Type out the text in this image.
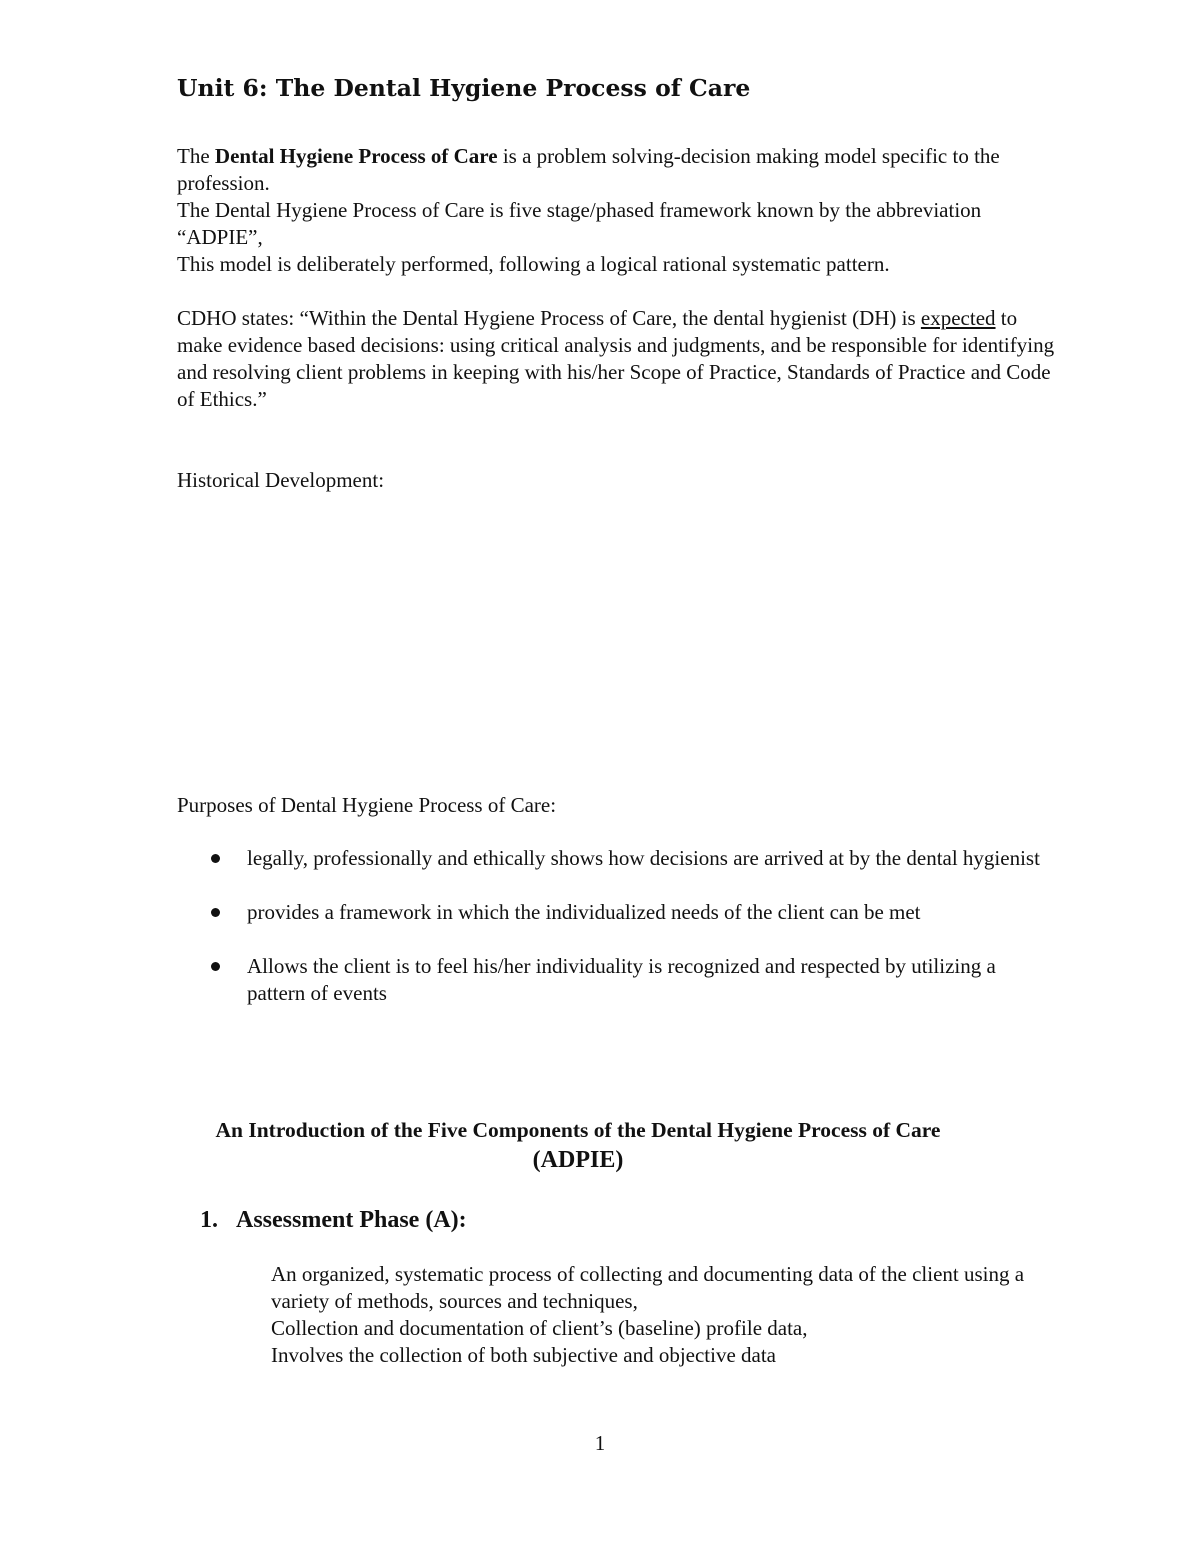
Unit 6: The Dental Hygiene Process of Care

The Dental Hygiene Process of Care is a problem solving-decision making model specific to the profession.

The Dental Hygiene Process of Care is five stage/phased framework known by the abbreviation “ADPIE”,

This model is deliberately performed, following a logical rational systematic pattern.

CDHO states: “Within the Dental Hygiene Process of Care, the dental hygienist (DH) is expected to make evidence based decisions: using critical analysis and judgments, and be responsible for identifying and resolving client problems in keeping with his/her Scope of Practice, Standards of Practice and Code of Ethics.”

Historical Development:

Purposes of Dental Hygiene Process of Care:

legally, professionally and ethically shows how decisions are arrived at by the dental hygienist
provides a framework in which the individualized needs of the client can be met
Allows the client is to feel his/her individuality is recognized and respected by utilizing a pattern of events
An Introduction of the Five Components of the Dental Hygiene Process of Care
(ADPIE)
1. Assessment Phase (A):
An organized, systematic process of collecting and documenting data of the client using a variety of methods, sources and techniques,
Collection and documentation of client’s (baseline) profile data,
Involves the collection of both subjective and objective data
1
